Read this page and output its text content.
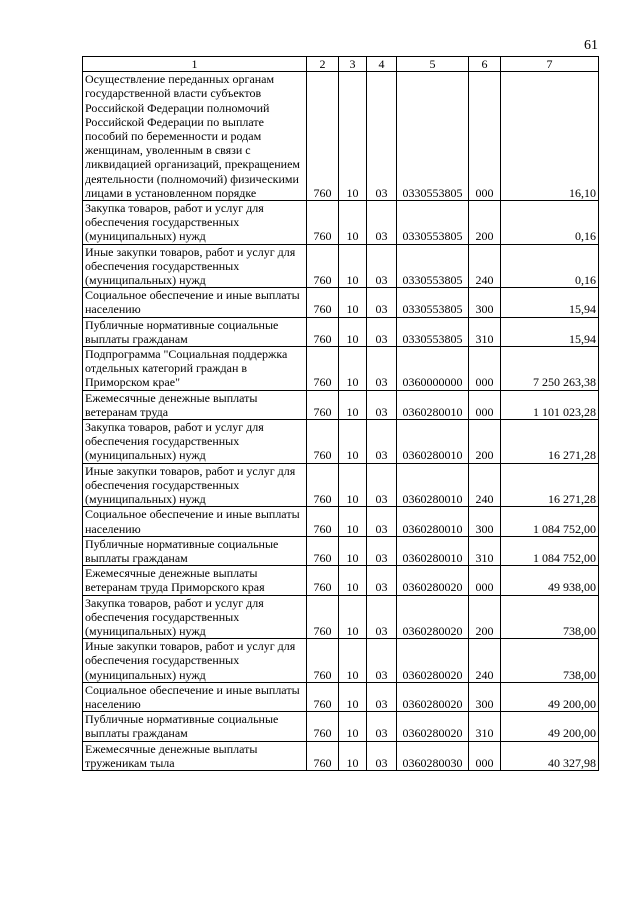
61
1	2	3	4	5	6	7
Осуществление переданных органам государственной власти субъектов Российской Федерации полномочий Российской Федерации по выплате пособий по беременности и родам женщинам, уволенным в связи с ликвидацией организаций, прекращением деятельности (полномочий) физическими лицами в установленном порядке	760	10	03	0330553805	000	16,10
Закупка товаров, работ и услуг для обеспечения государственных (муниципальных) нужд	760	10	03	0330553805	200	0,16
Иные закупки товаров, работ и услуг для обеспечения государственных (муниципальных) нужд	760	10	03	0330553805	240	0,16
Социальное обеспечение и иные выплаты населению	760	10	03	0330553805	300	15,94
Публичные нормативные социальные выплаты гражданам	760	10	03	0330553805	310	15,94
Подпрограмма "Социальная поддержка отдельных категорий граждан в Приморском крае"	760	10	03	0360000000	000	7 250 263,38
Ежемесячные денежные выплаты ветеранам труда	760	10	03	0360280010	000	1 101 023,28
Закупка товаров, работ и услуг для обеспечения государственных (муниципальных) нужд	760	10	03	0360280010	200	16 271,28
Иные закупки товаров, работ и услуг для обеспечения государственных (муниципальных) нужд	760	10	03	0360280010	240	16 271,28
Социальное обеспечение и иные выплаты населению	760	10	03	0360280010	300	1 084 752,00
Публичные нормативные социальные выплаты гражданам	760	10	03	0360280010	310	1 084 752,00
Ежемесячные денежные выплаты ветеранам труда Приморского края	760	10	03	0360280020	000	49 938,00
Закупка товаров, работ и услуг для обеспечения государственных (муниципальных) нужд	760	10	03	0360280020	200	738,00
Иные закупки товаров, работ и услуг для обеспечения государственных (муниципальных) нужд	760	10	03	0360280020	240	738,00
Социальное обеспечение и иные выплаты населению	760	10	03	0360280020	300	49 200,00
Публичные нормативные социальные выплаты гражданам	760	10	03	0360280020	310	49 200,00
Ежемесячные денежные выплаты труженикам тыла	760	10	03	0360280030	000	40 327,98
